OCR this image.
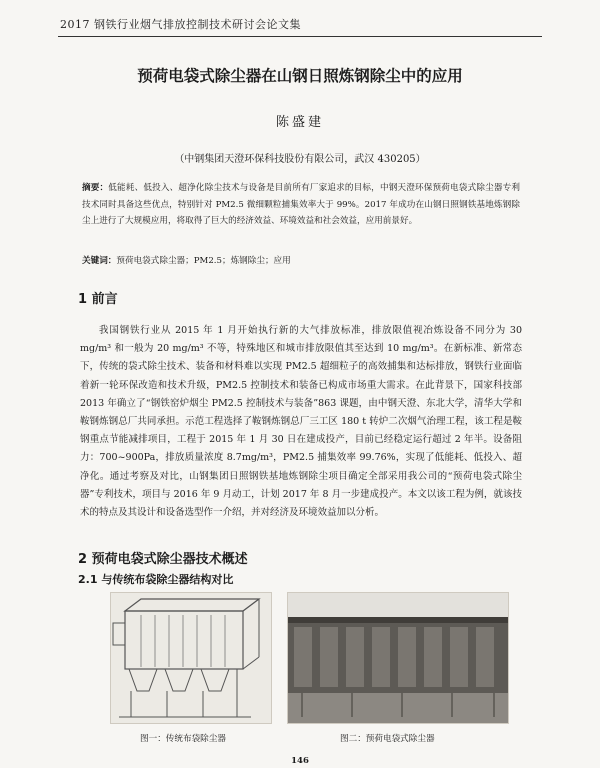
2017 钢铁行业烟气排放控制技术研讨会论文集
预荷电袋式除尘器在山钢日照炼钢除尘中的应用
陈盛建
（中钢集团天澄环保科技股份有限公司，武汉 430205）
摘要：低能耗、低投入、超净化除尘技术与设备是目前所有厂家追求的目标，中钢天澄环保预荷电袋式除尘器专利技术同时具备这些优点，特别针对 PM2.5 微细颗粒捕集效率大于 99%。2017 年成功在山钢日照钢铁基地炼钢除尘上进行了大规模应用，将取得了巨大的经济效益、环境效益和社会效益，应用前景好。
关键词：预荷电袋式除尘器；PM2.5；炼钢除尘；应用
1 前言

我国钢铁行业从 2015 年 1 月开始执行新的大气排放标准，排放限值视冶炼设备不同分为 30 mg/m³ 和一般为 20 mg/m³ 不等，特殊地区和城市排放限值其至达到 10 mg/m³。在新标准、新常态下，传统的袋式除尘技术、装备和材料难以实现 PM2.5 超细粒子的高效捕集和达标排放，钢铁行业面临着新一轮环保改造和技术升级，PM2.5 控制技术和装备已构成市场重大需求。在此背景下，国家科技部 2013 年确立了“钢铁窑炉烟尘 PM2.5 控制技术与装备”863 课题，由中钢天澄、东北大学，清华大学和鞍钢炼钢总厂共同承担。示范工程选择了鞍钢炼钢总厂三工区 180 t 转炉二次烟气治理工程，该工程是鞍钢重点节能减排项目，工程于 2015 年 1 月 30 日在建成投产，目前已经稳定运行超过 2 年半。设备阻力：700~900Pa，排放质量浓度 8.7mg/m³，PM2.5 捕集效率 99.76%，实现了低能耗、低投入、超净化。通过考察及对比，山钢集团日照钢铁基地炼钢除尘项目确定全部采用我公司的“预荷电袋式除尘器”专利技术，项目与 2016 年 9 月动工，计划 2017 年 8 月一步建成投产。本文以该工程为例，就该技术的特点及其设计和设备选型作一介绍，并对经济及环境效益加以分析。

2 预荷电袋式除尘器技术概述
2.1 与传统布袋除尘器结构对比
图一：传统布袋除尘器	图二：预荷电袋式除尘器
146
